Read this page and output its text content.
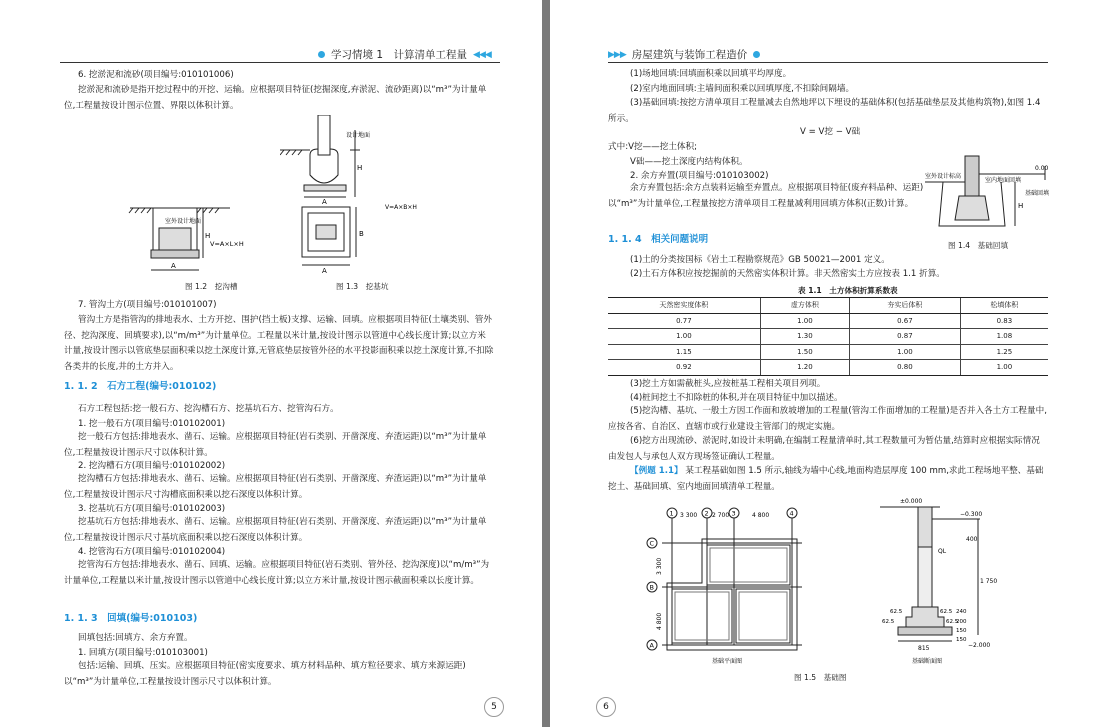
学习情境 1　计算清单工程量 ◀◀◀
6. 挖淤泥和流砂(项目编号:010101006)
挖淤泥和流砂是指开挖过程中的开挖、运输。应根据项目特征(挖掘深度,弃淤泥、流砂距离)以“m³”为计量单位,工程量按设计图示位置、界限以体积计算。
室外设计地面
H
V=A×L×H
A
设计地面
H
V=A×B×H
A
B
A
图 1.2　挖沟槽	图 1.3　挖基坑
7. 管沟土方(项目编号:010101007)
管沟土方是指管沟的排地表水、土方开挖、围护(挡土板)支撑、运输、回填。应根据项目特征(土壤类别、管外径、挖沟深度、回填要求),以“m/m³”为计量单位。工程量以米计量,按设计图示以管道中心线长度计算;以立方米计量,按设计图示以管底垫层面积乘以挖土深度计算,无管底垫层按管外径的水平投影面积乘以挖土深度计算,不扣除各类井的长度,井的土方并入。
1. 1. 2　石方工程(编号:010102)
石方工程包括:挖一般石方、挖沟槽石方、挖基坑石方、挖管沟石方。
1. 挖一般石方(项目编号:010102001)
挖一般石方包括:排地表水、凿石、运输。应根据项目特征(岩石类别、开凿深度、弃渣运距)以“m³”为计量单位,工程量按设计图示尺寸以体积计算。
2. 挖沟槽石方(项目编号:010102002)
挖沟槽石方包括:排地表水、凿石、运输。应根据项目特征(岩石类别、开凿深度、弃渣运距)以“m³”为计量单位,工程量按设计图示尺寸沟槽底面积乘以挖石深度以体积计算。
3. 挖基坑石方(项目编号:010102003)
挖基坑石方包括:排地表水、凿石、运输。应根据项目特征(岩石类别、开凿深度、弃渣运距)以“m³”为计量单位,工程量按设计图示尺寸基坑底面积乘以挖石深度以体积计算。
4. 挖管沟石方(项目编号:010102004)
挖管沟石方包括:排地表水、凿石、回填、运输。应根据项目特征(岩石类别、管外径、挖沟深度)以“m/m³”为计量单位,工程量以米计量,按设计图示以管道中心线长度计算;以立方米计量,按设计图示截面积乘以长度计算。
1. 1. 3　回填(编号:010103)
回填包括:回填方、余方弃置。
1. 回填方(项目编号:010103001)
包括:运输、回填、压实。应根据项目特征(密实度要求、填方材料品种、填方粒径要求、填方来源运距)以“m³”为计量单位,工程量按设计图示尺寸以体积计算。
5
▶▶▶ 房屋建筑与装饰工程造价
(1)场地回填:回填面积乘以回填平均厚度。
(2)室内地面回填:主墙间面积乘以回填厚度,不扣除间隔墙。
(3)基础回填:按挖方清单项目工程量减去自然地坪以下埋设的基础体积(包括基础垫层及其他构筑物),如图 1.4 所示。
V = V挖 − V础
式中:V挖——挖土体积;
V础——挖土深度内结构体积。
2. 余方弃置(项目编号:010103002)
余方弃置包括:余方点装料运输至弃置点。应根据项目特征(废弃料品种、运距)以“m³”为计量单位,工程量按挖方清单项目工程量减利用回填方体积(正数)计算。
0.00
室外设计标高
室内地面回填
H
基础回填
图 1.4　基础回填
1. 1. 4　相关问题说明
(1)土的分类按国标《岩土工程勘察规范》GB 50021—2001 定义。
(2)土石方体积应按挖掘前的天然密实体积计算。非天然密实土方应按表 1.1 折算。
表 1.1　土方体积折算系数表
天然密实度体积	虚方体积	夯实后体积	松填体积
0.77	1.00	0.67	0.83
1.00	1.30	0.87	1.08
1.15	1.50	1.00	1.25
0.92	1.20	0.80	1.00
(3)挖土方如需截桩头,应按桩基工程相关项目列项。
(4)桩间挖土不扣除桩的体积,并在项目特征中加以描述。
(5)挖沟槽、基坑、一般土方因工作面和放坡增加的工程量(管沟工作面增加的工程量)是否并入各土方工程量中,应按各省、自治区、直辖市或行业建设主管部门的规定实施。
(6)挖方出现流砂、淤泥时,如设计未明确,在编制工程量清单时,其工程数量可为暂估量,结算时应根据实际情况由发包人与承包人双方现场签证确认工程量。
【例题 1.1】 某工程基础如图 1.5 所示,轴线为墙中心线,地面构造层厚度 100 mm,求此工程场地平整、基础挖土、基础回填、室内地面回填清单工程量。
1	2	3	4
3 300 2 700	4 800
C
B
A
3 300
4 800
基础平面图
±0.000
−0.300
QL
400
1 750
62.5	62.5
62.5	62.5
815
240
200
150
150
−2.000
基础断面图
图 1.5　基础图
6
